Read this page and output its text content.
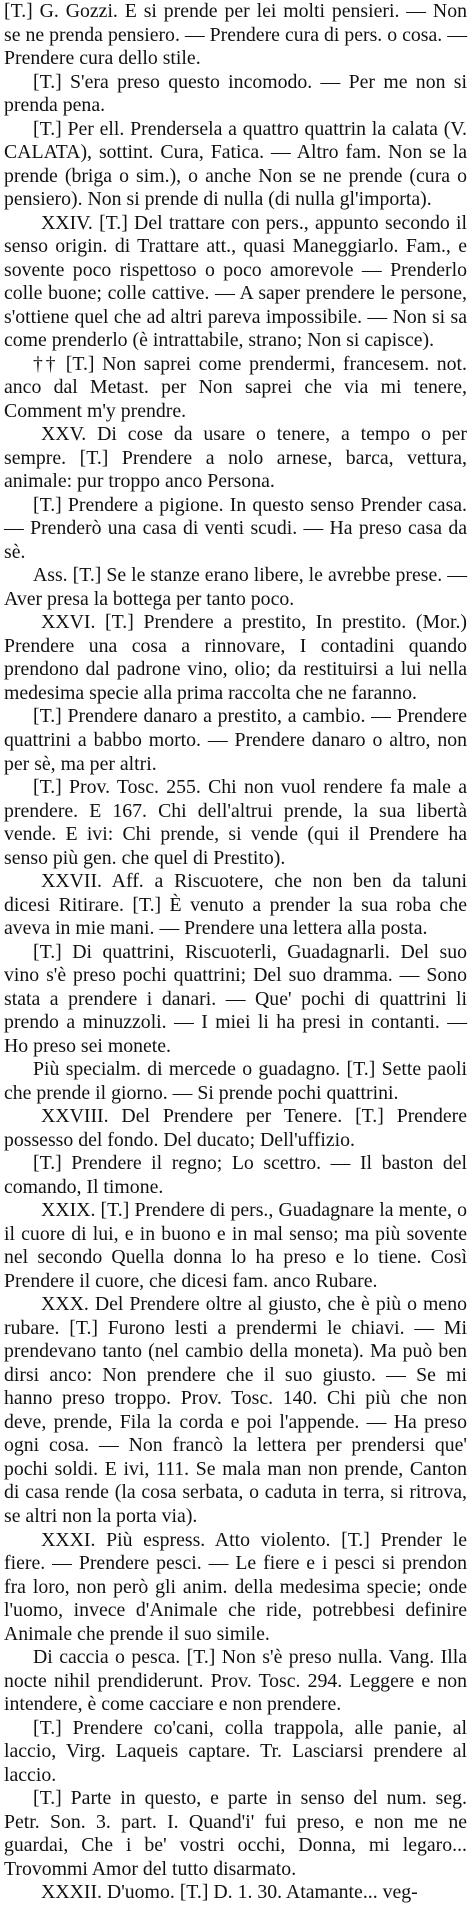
[T.] G. Gozzi. E si prende per lei molti pensieri. — Non se ne prenda pensiero. — Prendere cura di pers. o cosa. — Prendere cura dello stile.

[T.] S'era preso questo incomodo. — Per me non si prenda pena.

[T.] Per ell. Prendersela a quattro quattrin la calata (V. CALATA), sottint. Cura, Fatica. — Altro fam. Non se la prende (briga o sim.), o anche Non se ne prende (cura o pensiero). Non si prende di nulla (di nulla gl'importa).

XXIV. [T.] Del trattare con pers., appunto secondo il senso origin. di Trattare att., quasi Maneggiarlo. Fam., e sovente poco rispettoso o poco amorevole — Prenderlo colle buone; colle cattive. — A saper prendere le persone, s'ottiene quel che ad altri pareva impossibile. — Non si sa come prenderlo (è intrattabile, strano; Non si capisce).

†† [T.] Non saprei come prendermi, francesem. not. anco dal Metast. per Non saprei che via mi tenere, Comment m'y prendre.

XXV. Di cose da usare o tenere, a tempo o per sempre. [T.] Prendere a nolo arnese, barca, vettura, animale: pur troppo anco Persona.

[T.] Prendere a pigione. In questo senso Prender casa. — Prenderò una casa di venti scudi. — Ha preso casa da sè.

Ass. [T.] Se le stanze erano libere, le avrebbe prese. — Aver presa la bottega per tanto poco.

XXVI. [T.] Prendere a prestito, In prestito. (Mor.) Prendere una cosa a rinnovare, I contadini quando prendono dal padrone vino, olio; da restituirsi a lui nella medesima specie alla prima raccolta che ne faranno.

[T.] Prendere danaro a prestito, a cambio. — Prendere quattrini a babbo morto. — Prendere danaro o altro, non per sè, ma per altri.

[T.] Prov. Tosc. 255. Chi non vuol rendere fa male a prendere. E 167. Chi dell'altrui prende, la sua libertà vende. E ivi: Chi prende, si vende (qui il Prendere ha senso più gen. che quel di Prestito).

XXVII. Aff. a Riscuotere, che non ben da taluni dicesi Ritirare. [T.] È venuto a prender la sua roba che aveva in mie mani. — Prendere una lettera alla posta.

[T.] Di quattrini, Riscuoterli, Guadagnarli. Del suo vino s'è preso pochi quattrini; Del suo dramma. — Sono stata a prendere i danari. — Que' pochi di quattrini li prendo a minuzzoli. — I miei li ha presi in contanti. — Ho preso sei monete.

Più specialm. di mercede o guadagno. [T.] Sette paoli che prende il giorno. — Si prende pochi quattrini.

XXVIII. Del Prendere per Tenere. [T.] Prendere possesso del fondo. Del ducato; Dell'uffizio.

[T.] Prendere il regno; Lo scettro. — Il baston del comando, Il timone.

XXIX. [T.] Prendere di pers., Guadagnare la mente, o il cuore di lui, e in buono e in mal senso; ma più sovente nel secondo Quella donna lo ha preso e lo tiene. Così Prendere il cuore, che dicesi fam. anco Rubare.

XXX. Del Prendere oltre al giusto, che è più o meno rubare. [T.] Furono lesti a prendermi le chiavi. — Mi prendevano tanto (nel cambio della moneta). Ma può ben dirsi anco: Non prendere che il suo giusto. — Se mi hanno preso troppo. Prov. Tosc. 140. Chi più che non deve, prende, Fila la corda e poi l'appende. — Ha preso ogni cosa. — Non francò la lettera per prendersi que' pochi soldi. E ivi, 111. Se mala man non prende, Canton di casa rende (la cosa serbata, o caduta in terra, si ritrova, se altri non la porta via).

XXXI. Più espress. Atto violento. [T.] Prender le fiere. — Prendere pesci. — Le fiere e i pesci si prendon fra loro, non però gli anim. della medesima specie; onde l'uomo, invece d'Animale che ride, potrebbesi definire Animale che prende il suo simile.

Di caccia o pesca. [T.] Non s'è preso nulla. Vang. Illa nocte nihil prendiderunt. Prov. Tosc. 294. Leggere e non intendere, è come cacciare e non prendere.

[T.] Prendere co'cani, colla trappola, alle panie, al laccio, Virg. Laqueis captare. Tr. Lasciarsi prendere al laccio.

[T.] Parte in questo, e parte in senso del num. seg. Petr. Son. 3. part. I. Quand'i' fui preso, e non me ne guardai, Che i be' vostri occhi, Donna, mi legaro... Trovommi Amor del tutto disarmato.

XXXII. D'uomo. [T.] D. 1. 30. Atamante... veg-
